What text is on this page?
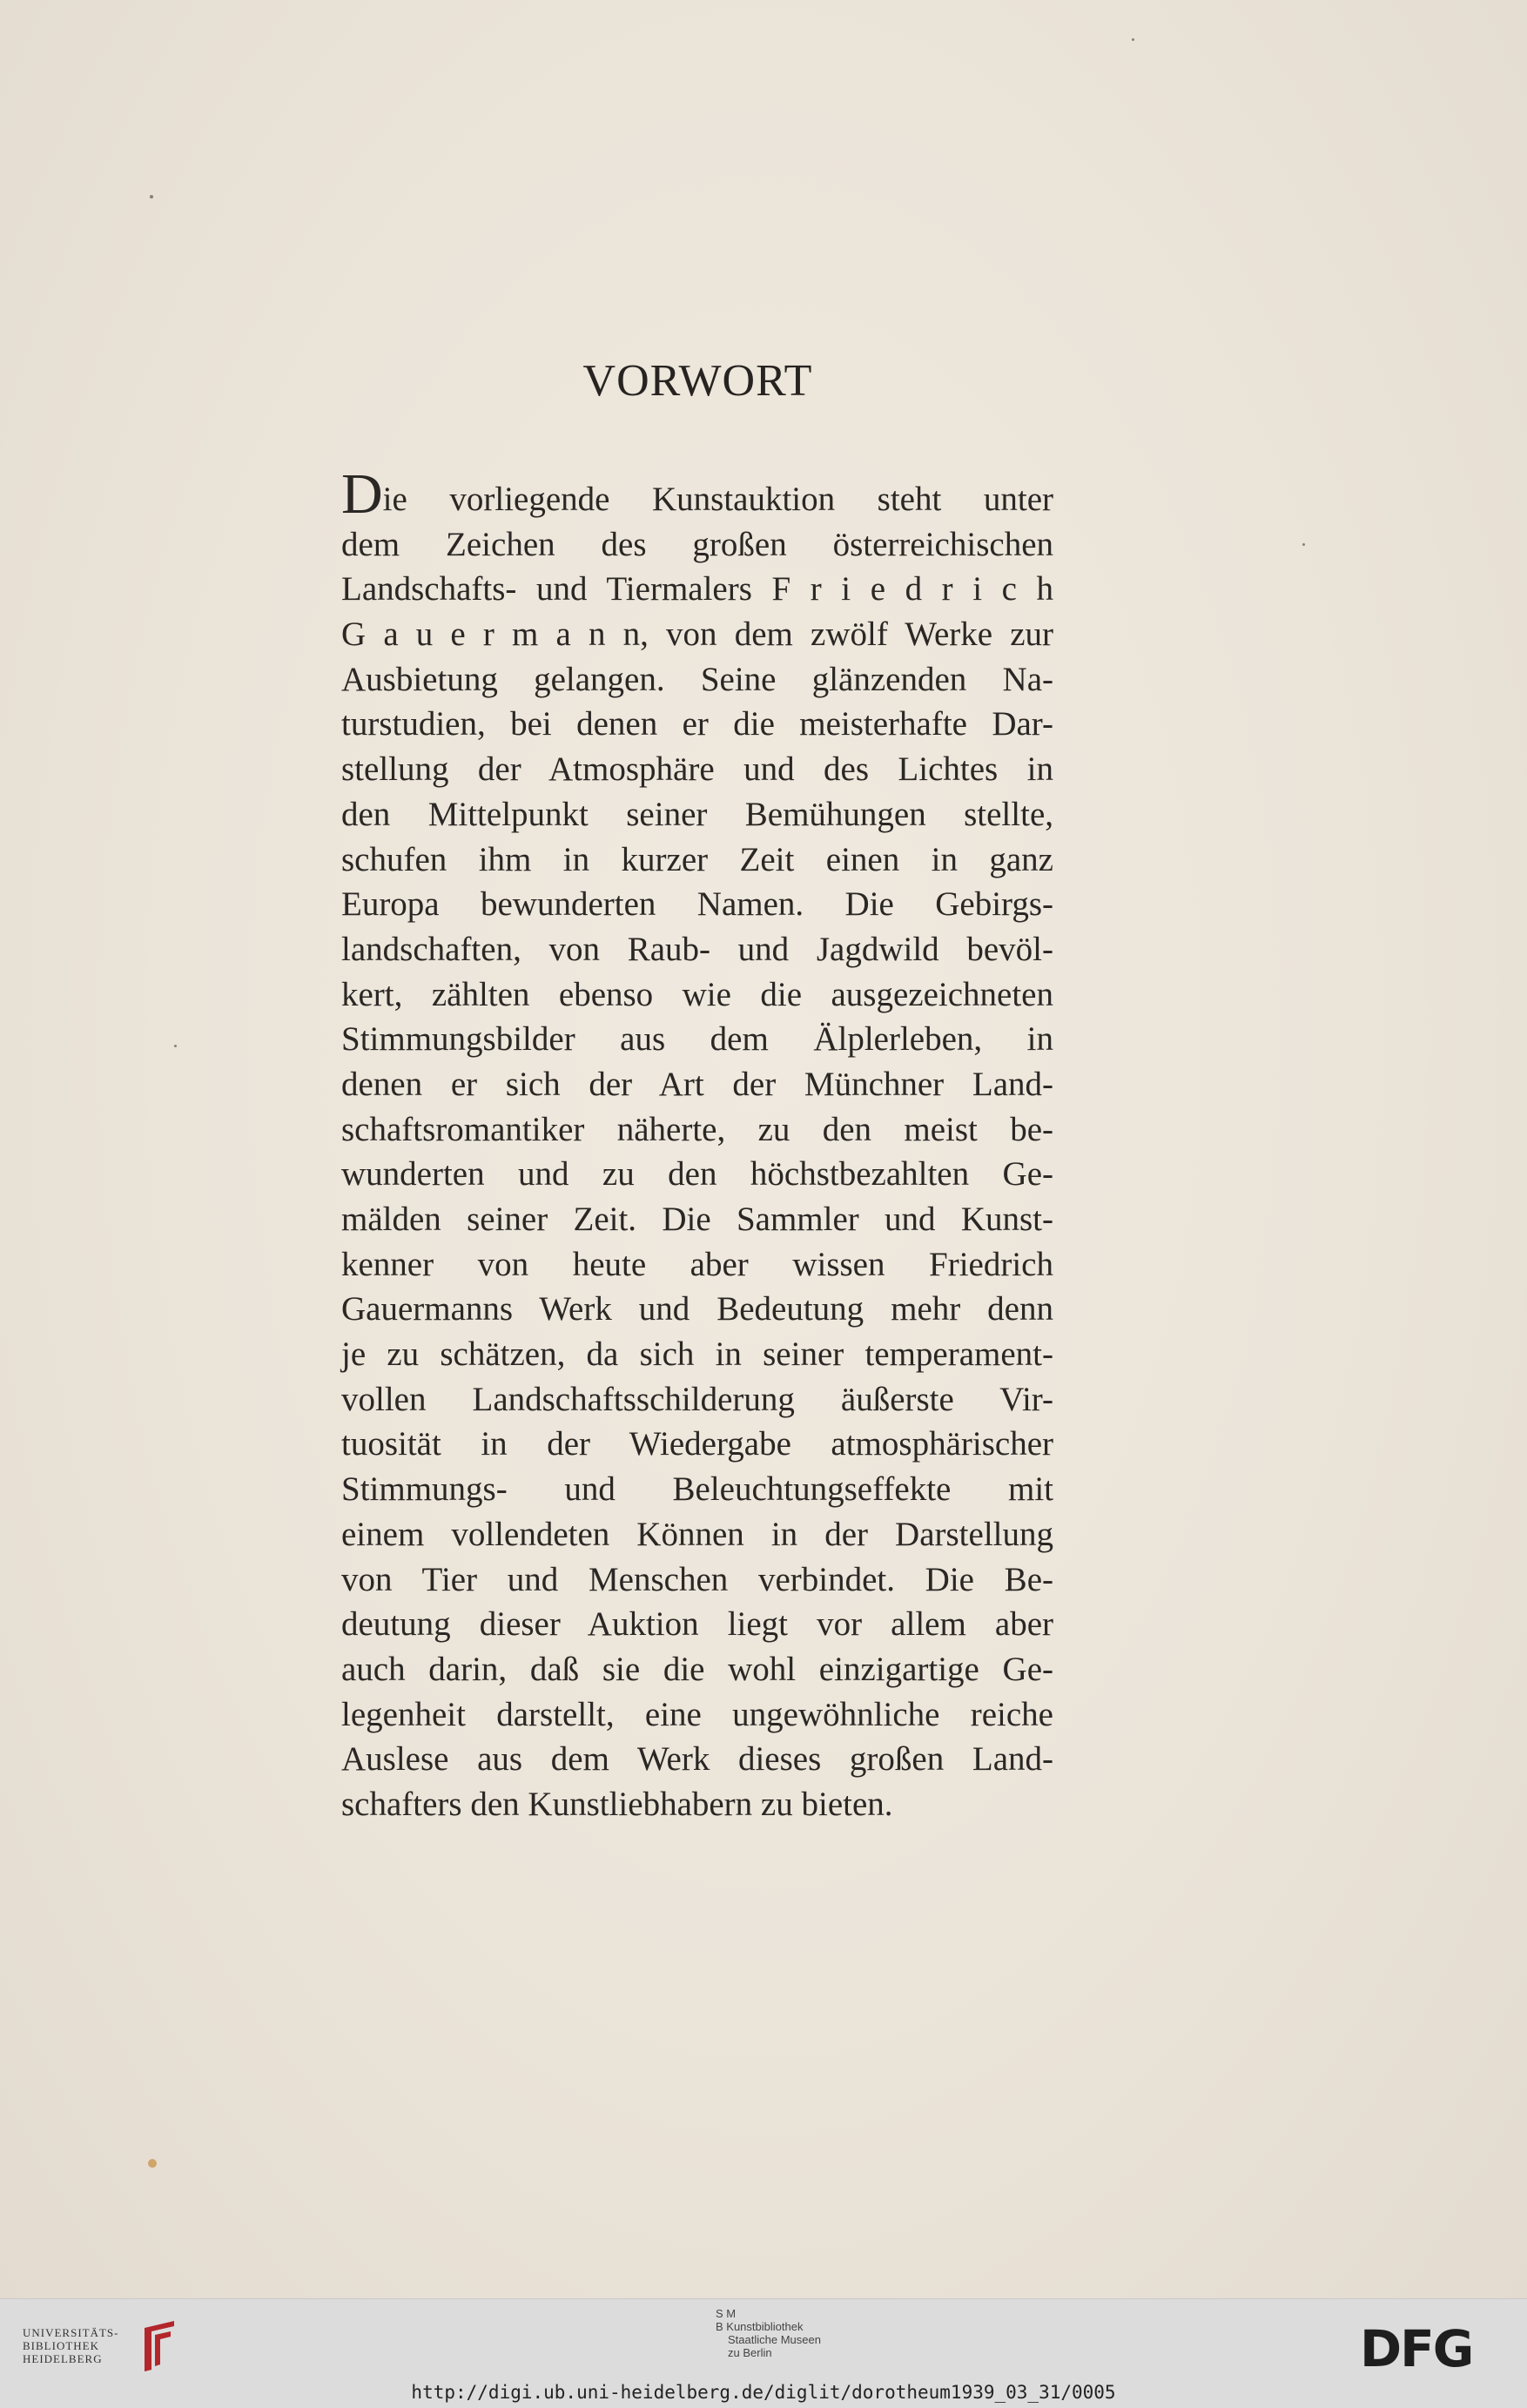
VORWORT
Die vorliegende Kunstauktion steht unter
dem Zeichen des großen österreichischen
Landschafts- und Tiermalers F r i e d r i c h
G a u e r m a n n, von dem zwölf Werke zur
Ausbietung gelangen. Seine glänzenden Na-
turstudien, bei denen er die meisterhafte Dar-
stellung der Atmosphäre und des Lichtes in
den Mittelpunkt seiner Bemühungen stellte,
schufen ihm in kurzer Zeit einen in ganz
Europa bewunderten Namen. Die Gebirgs-
landschaften, von Raub- und Jagdwild bevöl-
kert, zählten ebenso wie die ausgezeichneten
Stimmungsbilder aus dem Älplerleben, in
denen er sich der Art der Münchner Land-
schaftsromantiker näherte, zu den meist be-
wunderten und zu den höchstbezahlten Ge-
mälden seiner Zeit. Die Sammler und Kunst-
kenner von heute aber wissen Friedrich
Gauermanns Werk und Bedeutung mehr denn
je zu schätzen, da sich in seiner temperament-
vollen Landschaftsschilderung äußerste Vir-
tuosität in der Wiedergabe atmosphärischer
Stimmungs- und Beleuchtungseffekte mit
einem vollendeten Können in der Darstellung
von Tier und Menschen verbindet. Die Be-
deutung dieser Auktion liegt vor allem aber
auch darin, daß sie die wohl einzigartige Ge-
legenheit darstellt, eine ungewöhnliche reiche
Auslese aus dem Werk dieses großen Land-
schafters den Kunstliebhabern zu bieten.
UNIVERSITÄTS-
BIBLIOTHEK
HEIDELBERG
S M
B Kunstbibliothek
Staatliche Museen
zu Berlin	DFG
http://digi.ub.uni-heidelberg.de/diglit/dorotheum1939_03_31/0005
